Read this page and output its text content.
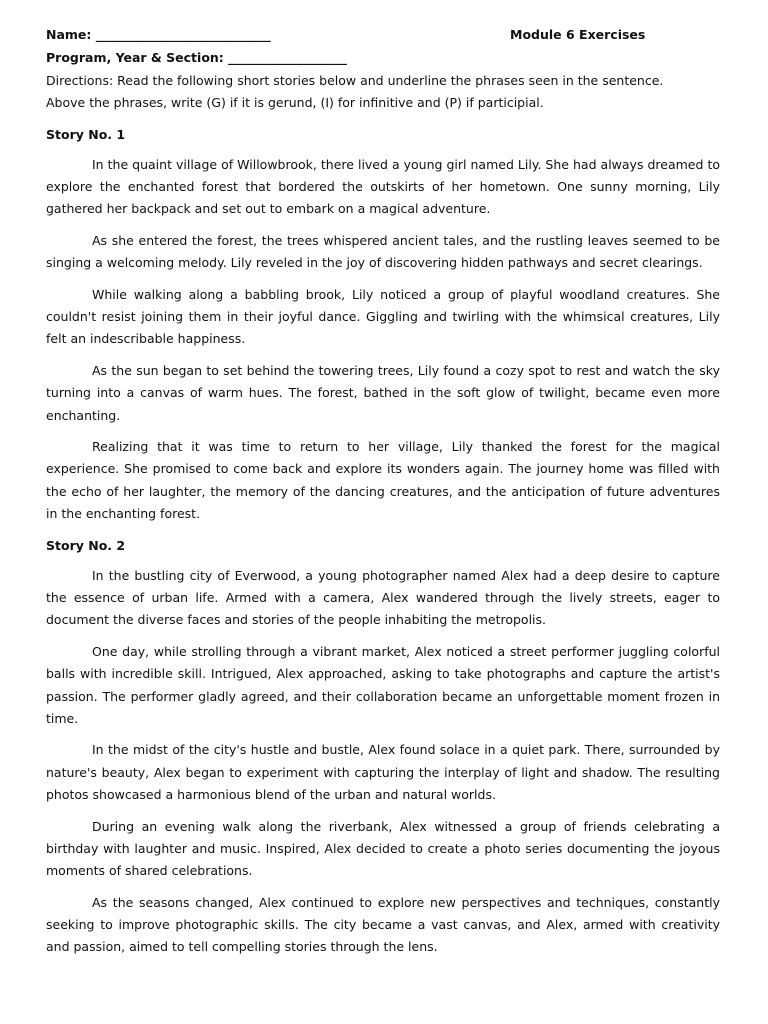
Name: ____________________________	Module 6 Exercises
Program, Year & Section: ___________________
Directions: Read the following short stories below and underline the phrases seen in the sentence.
Above the phrases, write (G) if it is gerund, (I) for infinitive and (P) if participial.
Story No. 1

In the quaint village of Willowbrook, there lived a young girl named Lily. She had always dreamed to explore the enchanted forest that bordered the outskirts of her hometown. One sunny morning, Lily gathered her backpack and set out to embark on a magical adventure.

As she entered the forest, the trees whispered ancient tales, and the rustling leaves seemed to be singing a welcoming melody. Lily reveled in the joy of discovering hidden pathways and secret clearings.

While walking along a babbling brook, Lily noticed a group of playful woodland creatures. She couldn't resist joining them in their joyful dance. Giggling and twirling with the whimsical creatures, Lily felt an indescribable happiness.

As the sun began to set behind the towering trees, Lily found a cozy spot to rest and watch the sky turning into a canvas of warm hues. The forest, bathed in the soft glow of twilight, became even more enchanting.

Realizing that it was time to return to her village, Lily thanked the forest for the magical experience. She promised to come back and explore its wonders again. The journey home was filled with the echo of her laughter, the memory of the dancing creatures, and the anticipation of future adventures in the enchanting forest.

Story No. 2

In the bustling city of Everwood, a young photographer named Alex had a deep desire to capture the essence of urban life. Armed with a camera, Alex wandered through the lively streets, eager to document the diverse faces and stories of the people inhabiting the metropolis.

One day, while strolling through a vibrant market, Alex noticed a street performer juggling colorful balls with incredible skill. Intrigued, Alex approached, asking to take photographs and capture the artist's passion. The performer gladly agreed, and their collaboration became an unforgettable moment frozen in time.

In the midst of the city's hustle and bustle, Alex found solace in a quiet park. There, surrounded by nature's beauty, Alex began to experiment with capturing the interplay of light and shadow. The resulting photos showcased a harmonious blend of the urban and natural worlds.

During an evening walk along the riverbank, Alex witnessed a group of friends celebrating a birthday with laughter and music. Inspired, Alex decided to create a photo series documenting the joyous moments of shared celebrations.

As the seasons changed, Alex continued to explore new perspectives and techniques, constantly seeking to improve photographic skills. The city became a vast canvas, and Alex, armed with creativity and passion, aimed to tell compelling stories through the lens.
